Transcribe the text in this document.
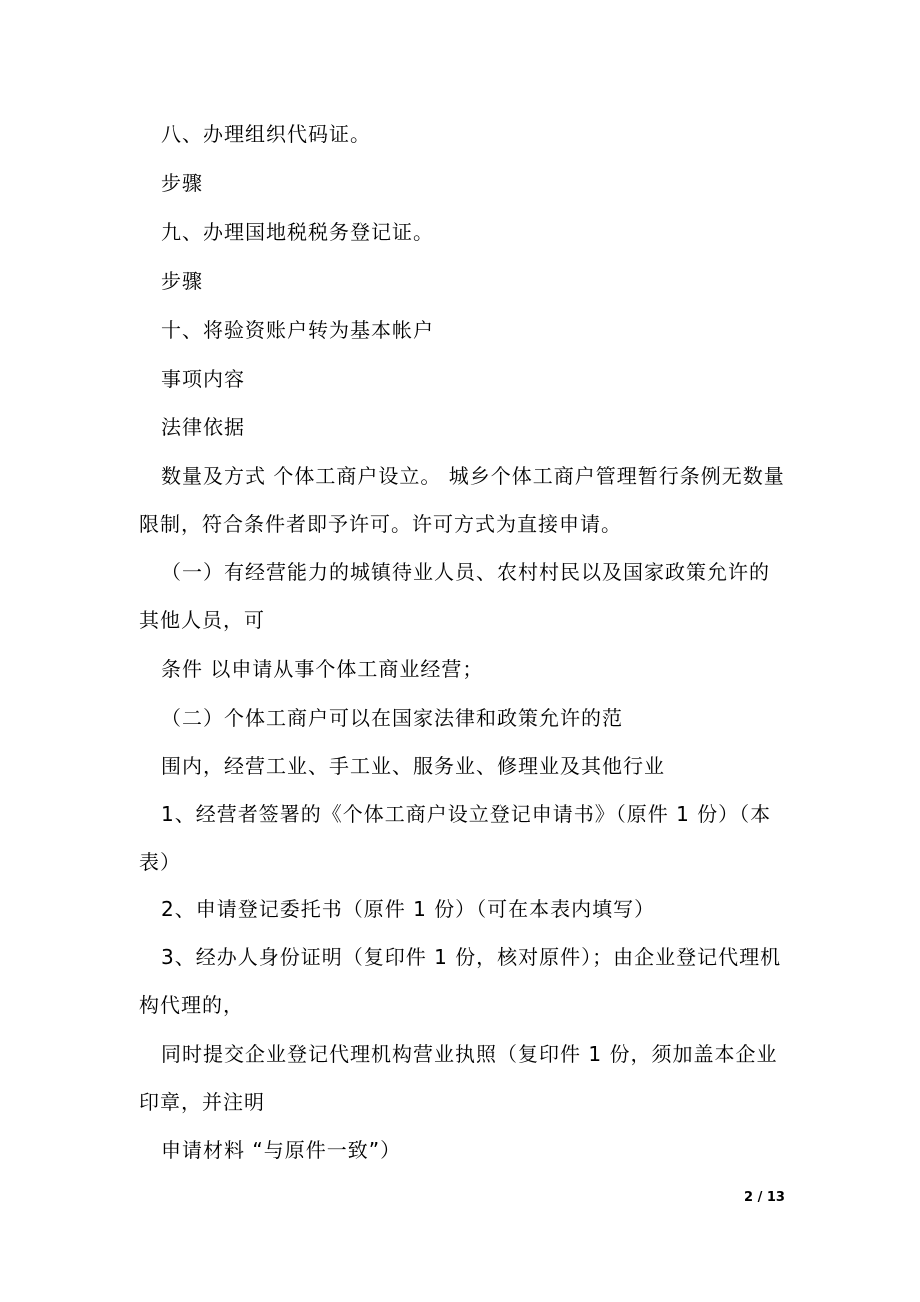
八、办理组织代码证。
步骤
九、办理国地税税务登记证。
步骤
十、将验资账户转为基本帐户
事项内容
法律依据
数量及方式 个体工商户设立。 城乡个体工商户管理暂行条例无数量限制，符合条件者即予许可。许可方式为直接申请。
（一）有经营能力的城镇待业人员、农村村民以及国家政策允许的其他人员，可
条件 以申请从事个体工商业经营；
（二）个体工商户可以在国家法律和政策允许的范
围内，经营工业、手工业、服务业、修理业及其他行业
1、经营者签署的《个体工商户设立登记申请书》（原件 1 份）（本表）
2、申请登记委托书（原件 1 份）（可在本表内填写）
3、经办人身份证明（复印件 1 份，核对原件）；由企业登记代理机构代理的，
同时提交企业登记代理机构营业执照（复印件 1 份，须加盖本企业印章，并注明
申请材料 “与原件一致”）
2 / 13
